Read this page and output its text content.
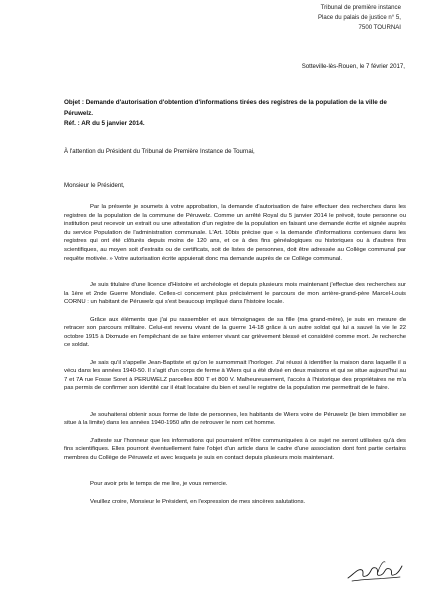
Tribunal de première instance
Place du palais de justice n° 5,
7500 TOURNAI
Sotteville-lès-Rouen, le 7 février 2017,
Objet : Demande d'autorisation d'obtention d'informations tirées des registres de la population de la ville de Péruwelz.
Réf. : AR du 5 janvier 2014.
À l'attention du Président du Tribunal de Première Instance de Tournai,
Monsieur le Président,

Par la présente je soumets à votre approbation, la demande d'autorisation de faire effectuer des recherches dans les registres de la population de la commune de Péruwelz. Comme un arrêté Royal du 5 janvier 2014 le prévoit, toute personne ou institution peut recevoir un extrait ou une attestation d'un registre de la population en faisant une demande écrite et signée auprès du service Population de l'administration communale. L'Art. 10bis précise que « la demande d'informations contenues dans les registres qui ont été clôturés depuis moins de 120 ans, et ce à des fins généalogiques ou historiques ou à d'autres fins scientifiques, au moyen soit d'extraits ou de certificats, soit de listes de personnes, doit être adressée au Collège communal par requête motivée. » Votre autorisation écrite appuierait donc ma demande auprès de ce Collège communal.

Je suis titulaire d'une licence d'Histoire et archéologie et depuis plusieurs mois maintenant j'effectue des recherches sur la 1ère et 2nde Guerre Mondiale. Celles-ci concernent plus précisément le parcours de mon arrière-grand-père Marcel-Louis CORNU : un habitant de Péruwelz qui s'est beaucoup impliqué dans l'histoire locale.

Grâce aux éléments que j'ai pu rassembler et aux témoignages de sa fille (ma grand-mère), je suis en mesure de retracer son parcours militaire. Celui-est revenu vivant de la guerre 14-18 grâce à un autre soldat qui lui a sauvé la vie le 22 octobre 1915 à Dixmude en l'empêchant de se faire enterrer vivant car grièvement blessé et considéré comme mort. Je recherche ce soldat.

Je sais qu'il s'appelle Jean-Baptiste et qu'on le surnommait l'horloger. J'ai réussi à identifier la maison dans laquelle il a vécu dans les années 1940-50. Il s'agit d'un corps de ferme à Wiers qui a été divisé en deux maisons et qui se situe aujourd'hui au 7 et 7A rue Fosse Soret à PERUWELZ parcelles 800 T et 800 V. Malheureusement, l'accès à l'historique des propriétaires ne m'a pas permis de confirmer son identité car il était locataire du bien et seul le registre de la population me permettrait de le faire.

Je souhaiterai obtenir sous forme de liste de personnes, les habitants de Wiers voire de Péruwelz (le bien immobilier se situe à la limite) dans les années 1940-1950 afin de retrouver le nom cet homme.

J'atteste sur l'honneur que les informations qui pourraient m'être communiquées à ce sujet ne seront utilisées qu'à des fins scientifiques. Elles pourront éventuellement faire l'objet d'un article dans le cadre d'une association dont font partie certains membres du Collège de Péruwelz et avec lesquels je suis en contact depuis plusieurs mois maintenant.

Pour avoir pris le temps de me lire, je vous remercie.

Veuillez croire, Monsieur le Président, en l'expression de mes sincères salutations.
